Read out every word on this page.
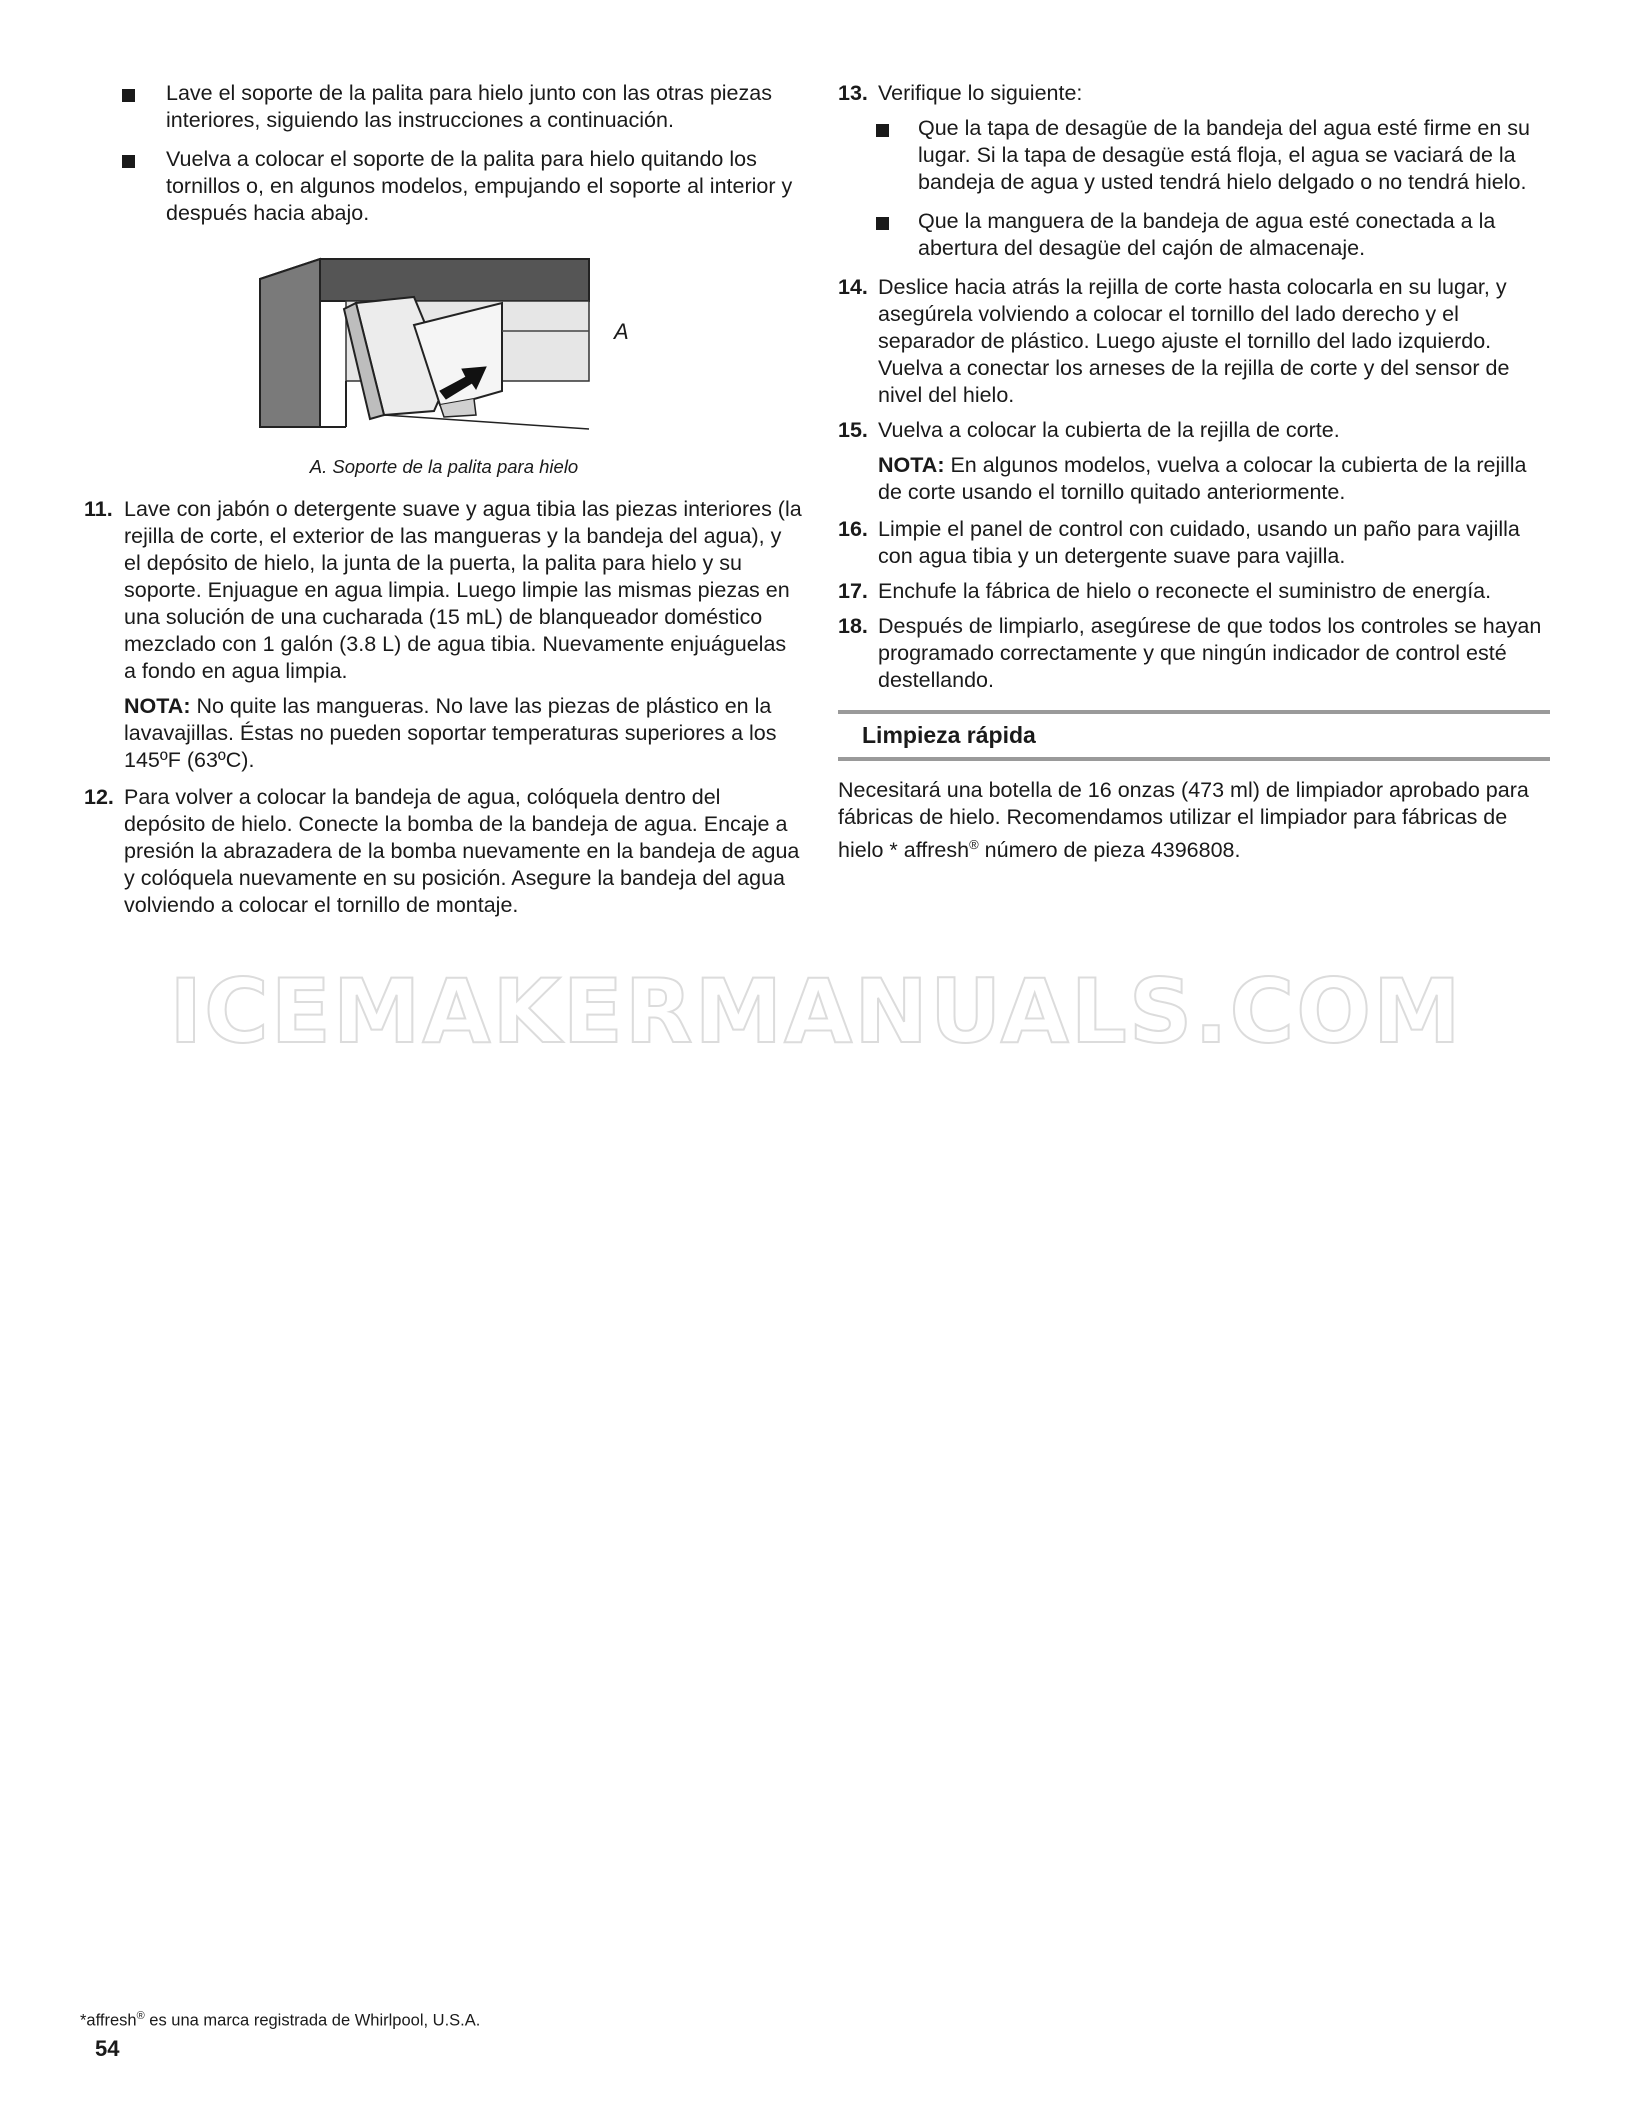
Lave el soporte de la palita para hielo junto con las otras piezas interiores, siguiendo las instrucciones a continuación.

Vuelva a colocar el soporte de la palita para hielo quitando los tornillos o, en algunos modelos, empujando el soporte al interior y después hacia abajo.

A

A. Soporte de la palita para hielo

11. Lave con jabón o detergente suave y agua tibia las piezas interiores (la rejilla de corte, el exterior de las mangueras y la bandeja del agua), y el depósito de hielo, la junta de la puerta, la palita para hielo y su soporte. Enjuague en agua limpia. Luego limpie las mismas piezas en una solución de una cucharada (15 mL) de blanqueador doméstico mezclado con 1 galón (3.8 L) de agua tibia. Nuevamente enjuáguelas a fondo en agua limpia.

NOTA: No quite las mangueras. No lave las piezas de plástico en la lavavajillas. Éstas no pueden soportar temperaturas superiores a los 145ºF (63ºC).

12. Para volver a colocar la bandeja de agua, colóquela dentro del depósito de hielo. Conecte la bomba de la bandeja de agua. Encaje a presión la abrazadera de la bomba nuevamente en la bandeja de agua y colóquela nuevamente en su posición. Asegure la bandeja del agua volviendo a colocar el tornillo de montaje.

13. Verifique lo siguiente:

Que la tapa de desagüe de la bandeja del agua esté firme en su lugar. Si la tapa de desagüe está floja, el agua se vaciará de la bandeja de agua y usted tendrá hielo delgado o no tendrá hielo.

Que la manguera de la bandeja de agua esté conectada a la abertura del desagüe del cajón de almacenaje.

14. Deslice hacia atrás la rejilla de corte hasta colocarla en su lugar, y asegúrela volviendo a colocar el tornillo del lado derecho y el separador de plástico. Luego ajuste el tornillo del lado izquierdo. Vuelva a conectar los arneses de la rejilla de corte y del sensor de nivel del hielo.

15. Vuelva a colocar la cubierta de la rejilla de corte.

NOTA: En algunos modelos, vuelva a colocar la cubierta de la rejilla de corte usando el tornillo quitado anteriormente.

16. Limpie el panel de control con cuidado, usando un paño para vajilla con agua tibia y un detergente suave para vajilla.

17. Enchufe la fábrica de hielo o reconecte el suministro de energía.

18. Después de limpiarlo, asegúrese de que todos los controles se hayan programado correctamente y que ningún indicador de control esté destellando.

Limpieza rápida

Necesitará una botella de 16 onzas (473 ml) de limpiador aprobado para fábricas de hielo. Recomendamos utilizar el limpiador para fábricas de hielo * affresh® número de pieza 4396808.

ICEMAKERMANUALS.COM

*affresh® es una marca registrada de Whirlpool, U.S.A.

54
